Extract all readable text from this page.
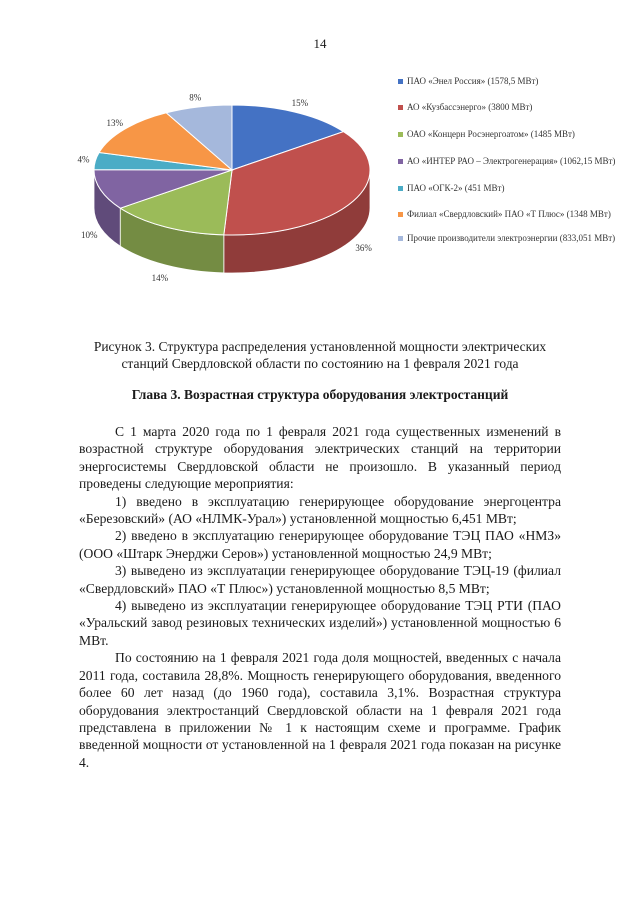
14
15%
36%
14%
10%
4%
13%
8%
ПАО «Энел Россия» (1578,5 МВт)
АО «Кузбассэнерго» (3800 МВт)
ОАО «Концерн Росэнергоатом» (1485 МВт)
АО «ИНТЕР РАО – Электрогенерация» (1062,15 МВт)
ПАО «ОГК-2» (451 МВт)
Филиал «Свердловский» ПАО «Т Плюс» (1348 МВт)
Прочие производители электроэнергии (833,051 МВт)
Рисунок 3. Структура распределения установленной мощности электрических
станций Свердловской области по состоянию на 1 февраля 2021 года
Глава 3. Возрастная структура оборудования электростанций

С 1 марта 2020 года по 1 февраля 2021 года существенных изменений в возрастной структуре оборудования электрических станций на территории энергосистемы Свердловской области не произошло. В указанный период проведены следующие мероприятия:

1) введено в эксплуатацию генерирующее оборудование энергоцентра «Березовский» (АО «НЛМК-Урал») установленной мощностью 6,451 МВт;

2) введено в эксплуатацию генерирующее оборудование ТЭЦ ПАО «НМЗ» (ООО «Штарк Энерджи Серов») установленной мощностью 24,9 МВт;

3) выведено из эксплуатации генерирующее оборудование ТЭЦ-19 (филиал «Свердловский» ПАО «Т Плюс») установленной мощностью 8,5 МВт;

4) выведено из эксплуатации генерирующее оборудование ТЭЦ РТИ (ПАО «Уральский завод резиновых технических изделий») установленной мощностью 6 МВт.

По состоянию на 1 февраля 2021 года доля мощностей, введенных с начала 2011 года, составила 28,8%. Мощность генерирующего оборудования, введенного более 60 лет назад (до 1960 года), составила 3,1%. Возрастная структура оборудования электростанций Свердловской области на 1 февраля 2021 года представлена в приложении № 1 к настоящим схеме и программе. График введенной мощности от установленной на 1 февраля 2021 года показан на рисунке 4.
